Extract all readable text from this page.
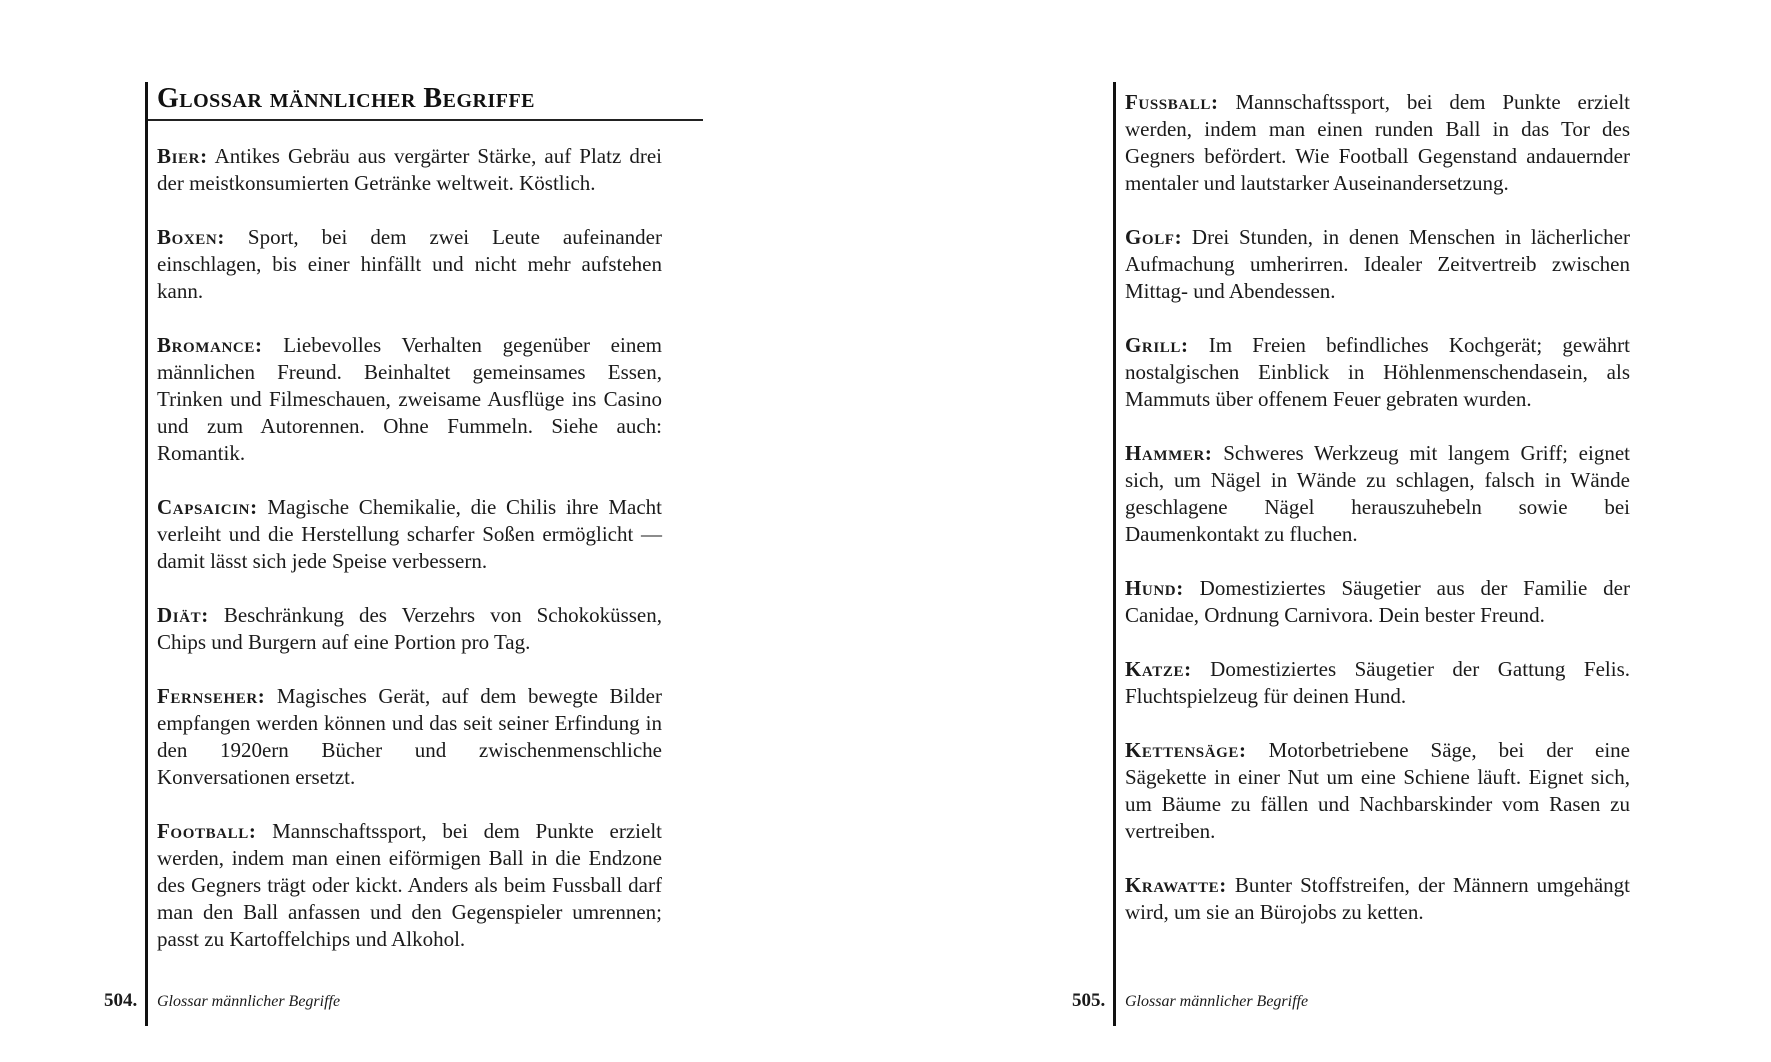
Glossar männlicher Begriffe

Bier: Antikes Gebräu aus vergärter Stärke, auf Platz drei der meistkonsumierten Getränke weltweit. Köstlich.

Boxen: Sport, bei dem zwei Leute aufeinander einschlagen, bis einer hinfällt und nicht mehr aufstehen kann.

Bromance: Liebevolles Verhalten gegenüber einem männlichen Freund. Beinhaltet gemeinsames Essen, Trinken und Filmeschauen, zweisame Ausflüge ins Casino und zum Autorennen. Ohne Fummeln. Siehe auch: Romantik.

Capsaicin: Magische Chemikalie, die Chilis ihre Macht verleiht und die Herstellung scharfer Soßen ermöglicht — damit lässt sich jede Speise verbessern.

Diät: Beschränkung des Verzehrs von Schokoküssen, Chips und Burgern auf eine Portion pro Tag.

Fernseher: Magisches Gerät, auf dem bewegte Bilder empfangen werden können und das seit seiner Erfindung in den 1920ern Bücher und zwischenmenschliche Konversationen ersetzt.

Football: Mannschaftssport, bei dem Punkte erzielt werden, indem man einen eiförmigen Ball in die Endzone des Gegners trägt oder kickt. Anders als beim Fussball darf man den Ball anfassen und den Gegenspieler umrennen; passt zu Kartoffelchips und Alkohol.

504. Glossar männlicher Begriffe

Fussball: Mannschaftssport, bei dem Punkte erzielt werden, indem man einen runden Ball in das Tor des Gegners befördert. Wie Football Gegenstand andauernder mentaler und lautstarker Auseinandersetzung.

Golf: Drei Stunden, in denen Menschen in lächerlicher Aufmachung umherirren. Idealer Zeitvertreib zwischen Mittag- und Abendessen.

Grill: Im Freien befindliches Kochgerät; gewährt nostalgischen Einblick in Höhlenmenschendasein, als Mammuts über offenem Feuer gebraten wurden.

Hammer: Schweres Werkzeug mit langem Griff; eignet sich, um Nägel in Wände zu schlagen, falsch in Wände geschlagene Nägel herauszuhebeln sowie bei Daumenkontakt zu fluchen.

Hund: Domestiziertes Säugetier aus der Familie der Canidae, Ordnung Carnivora. Dein bester Freund.

Katze: Domestiziertes Säugetier der Gattung Felis. Fluchtspielzeug für deinen Hund.

Kettensäge: Motorbetriebene Säge, bei der eine Sägekette in einer Nut um eine Schiene läuft. Eignet sich, um Bäume zu fällen und Nachbarskinder vom Rasen zu vertreiben.

Krawatte: Bunter Stoffstreifen, der Männern umgehängt wird, um sie an Bürojobs zu ketten.

505. Glossar männlicher Begriffe
